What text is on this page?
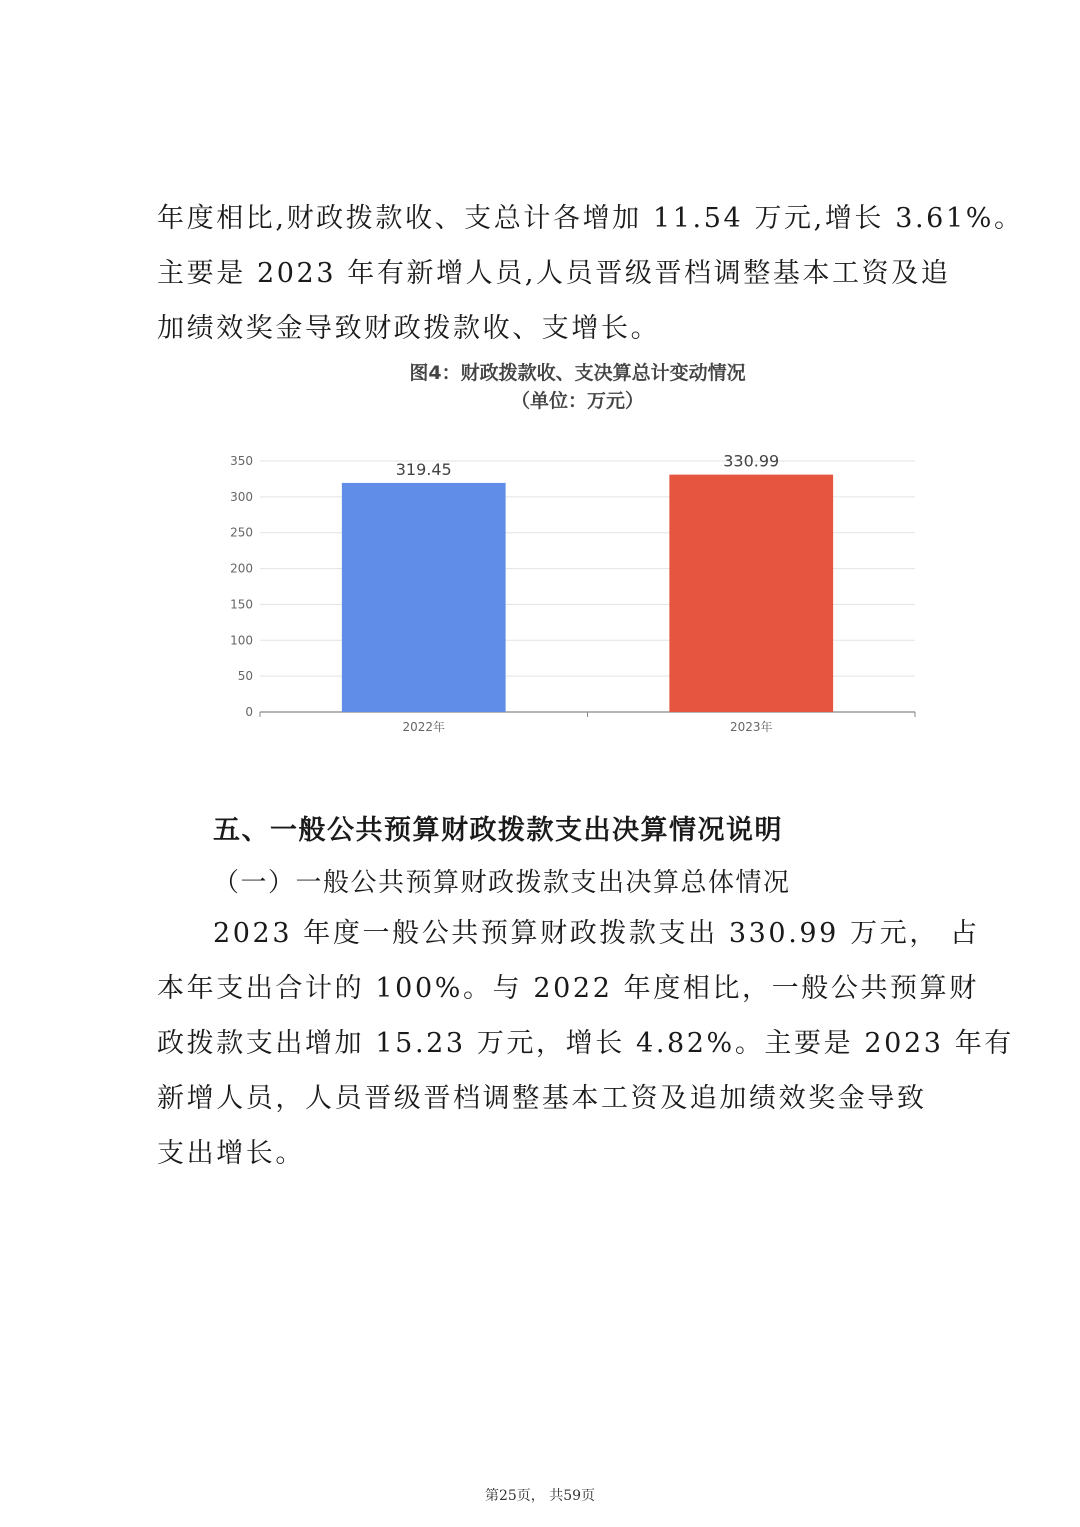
年度相比,财政拨款收、支总计各增加 11.54 万元,增长 3.61%。
主要是 2023 年有新增人员,人员晋级晋档调整基本工资及追
加绩效奖金导致财政拨款收、支增长。
图4：财政拨款收、支决算总计变动情况
（单位：万元）
0
50
100
150
200
250
300
350	319.45
2022年
330.99
2023年
五、一般公共预算财政拨款支出决算情况说明
（一）一般公共预算财政拨款支出决算总体情况
2023 年度一般公共预算财政拨款支出 330.99 万元， 占
本年支出合计的 100%。与 2022 年度相比，一般公共预算财
政拨款支出增加 15.23 万元，增长 4.82%。主要是 2023 年有
新增人员，人员晋级晋档调整基本工资及追加绩效奖金导致
支出增长。
第25页， 共59页
